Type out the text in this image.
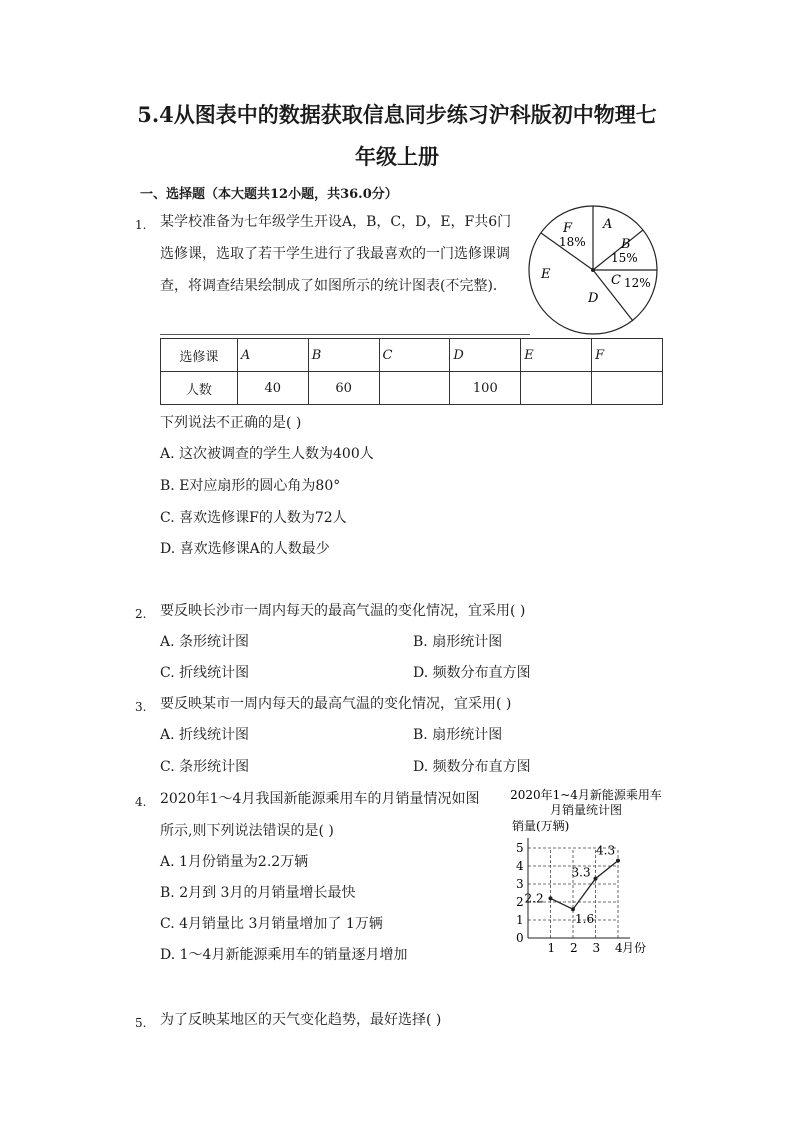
5.4从图表中的数据获取信息同步练习沪科版初中物理七
年级上册
一、选择题（本大题共12小题，共36.0分）
1. 某学校准备为七年级学生开设A，B，C，D，E，F共6门
选修课，选取了若干学生进行了我最喜欢的一门选修课调
查，将调查结果绘制成了如图所示的统计图表(不完整)．
A
B
15%
C 12%
D
E
F
18%
选修课	A	B	C	D	E	F
人数	40	60		100		
下列说法不正确的是( )
A. 这次被调查的学生人数为400人
B. E对应扇形的圆心角为80°
C. 喜欢选修课F的人数为72人
D. 喜欢选修课A的人数最少
2. 要反映长沙市一周内每天的最高气温的变化情况，宜采用( )
A. 条形统计图	B. 扇形统计图
C. 折线统计图	D. 频数分布直方图
3. 要反映某市一周内每天的最高气温的变化情况，宜采用( )
A. 折线统计图	B. 扇形统计图
C. 条形统计图	D. 频数分布直方图
4. 2020年1～4月我国新能源乘用车的月销量情况如图
所示,则下列说法错误的是( )
A. 1月份销量为2.2万辆
B. 2月到 3月的月销量增长最快
C. 4月销量比 3月销量增加了 1万辆
D. 1～4月新能源乘用车的销量逐月增加
2020年1~4月新能源乘用车
月销量统计图
销量(万辆)
月份
0
1
2
3
4
5
1 2 3 4
2.2
1.6
3.3
4.3
5. 为了反映某地区的天气变化趋势，最好选择( )
